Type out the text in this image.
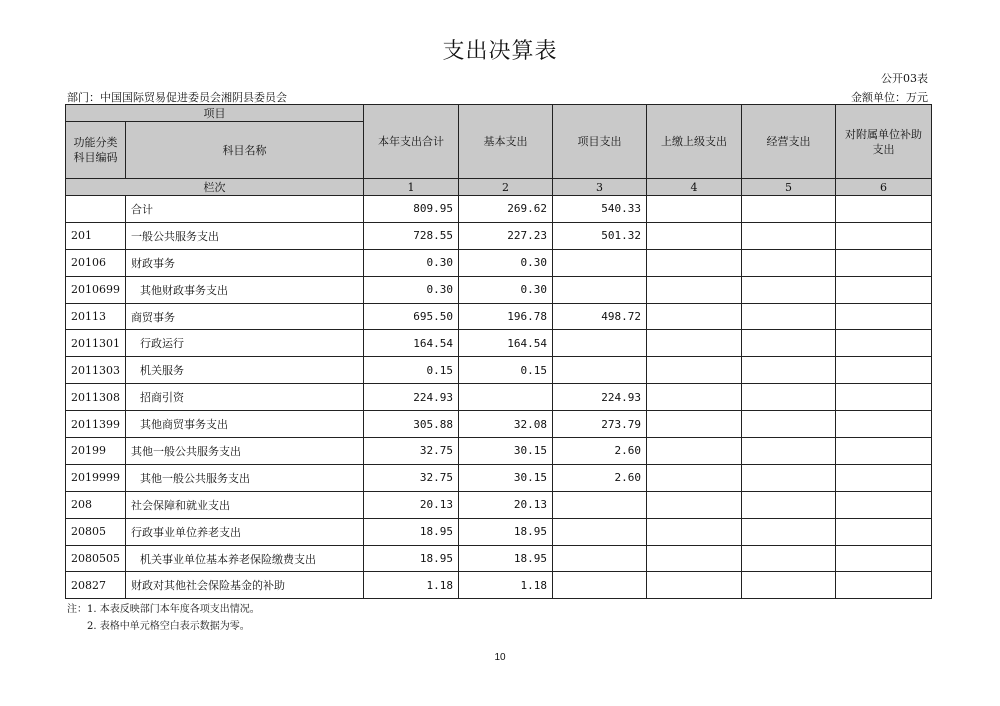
支出决算表
公开03表
部门：中国国际贸易促进委员会湘阴县委员会	金额单位：万元
项目		本年支出合计	基本支出	项目支出	上缴上级支出	经营支出	对附属单位补助支出
功能分类科目编码	科目名称						
栏次		1	2	3	4	5	6
	合计	809.95	269.62	540.33			
201	一般公共服务支出	728.55	227.23	501.32			
20106	财政事务	0.30	0.30				
2010699	其他财政事务支出	0.30	0.30				
20113	商贸事务	695.50	196.78	498.72			
2011301	行政运行	164.54	164.54				
2011303	机关服务	0.15	0.15				
2011308	招商引资	224.93		224.93			
2011399	其他商贸事务支出	305.88	32.08	273.79			
20199	其他一般公共服务支出	32.75	30.15	2.60			
2019999	其他一般公共服务支出	32.75	30.15	2.60			
208	社会保障和就业支出	20.13	20.13				
20805	行政事业单位养老支出	18.95	18.95				
2080505	机关事业单位基本养老保险缴费支出	18.95	18.95				
20827	财政对其他社会保险基金的补助	1.18	1.18				
注：1. 本表反映部门本年度各项支出情况。
2. 表格中单元格空白表示数据为零。
10
